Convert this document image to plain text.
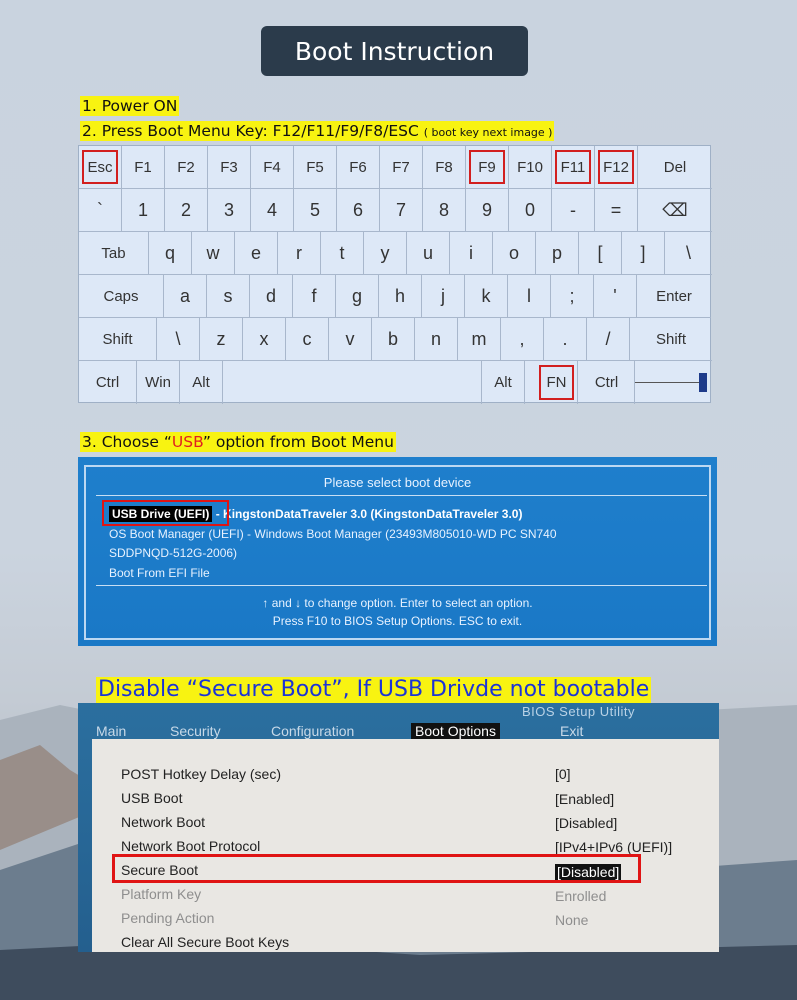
Boot Instruction
1. Power ON
2. Press Boot Menu Key: F12/F11/F9/F8/ESC ( boot key next image )
Esc F1 F2 F3 F4 F5 F6 F7 F8 F9 F10 F11 F12 Del
` 1 2 3 4 5 6 7 8 9 0 - = ⌫
Tab q w e r t y u i o p [ ] \
Caps a s d f g h j k l ; '	Enter
Shift \ z x c v b n m , . /	Shift
Ctrl Win Alt	Alt FN Ctrl
3. Choose “USB” option from Boot Menu
Please select boot device
USB Drive (UEFI) - KingstonDataTraveler 3.0 (KingstonDataTraveler 3.0)
OS Boot Manager (UEFI) - Windows Boot Manager (23493M805010-WD PC SN740
SDDPNQD-512G-2006)
Boot From EFI File
↑ and ↓ to change option. Enter to select an option.
Press F10 to BIOS Setup Options. ESC to exit.
Disable “Secure Boot”, If USB Drivde not bootable
BIOS Setup Utility
Main	Security	Configuration	Boot Options	Exit
POST Hotkey Delay (sec)	[0]
USB Boot	[Enabled]
Network Boot	[Disabled]
Network Boot Protocol	[IPv4+IPv6 (UEFI)]
Secure Boot	[Disabled]
Platform Key	Enrolled
Pending Action	None
Clear All Secure Boot Keys
